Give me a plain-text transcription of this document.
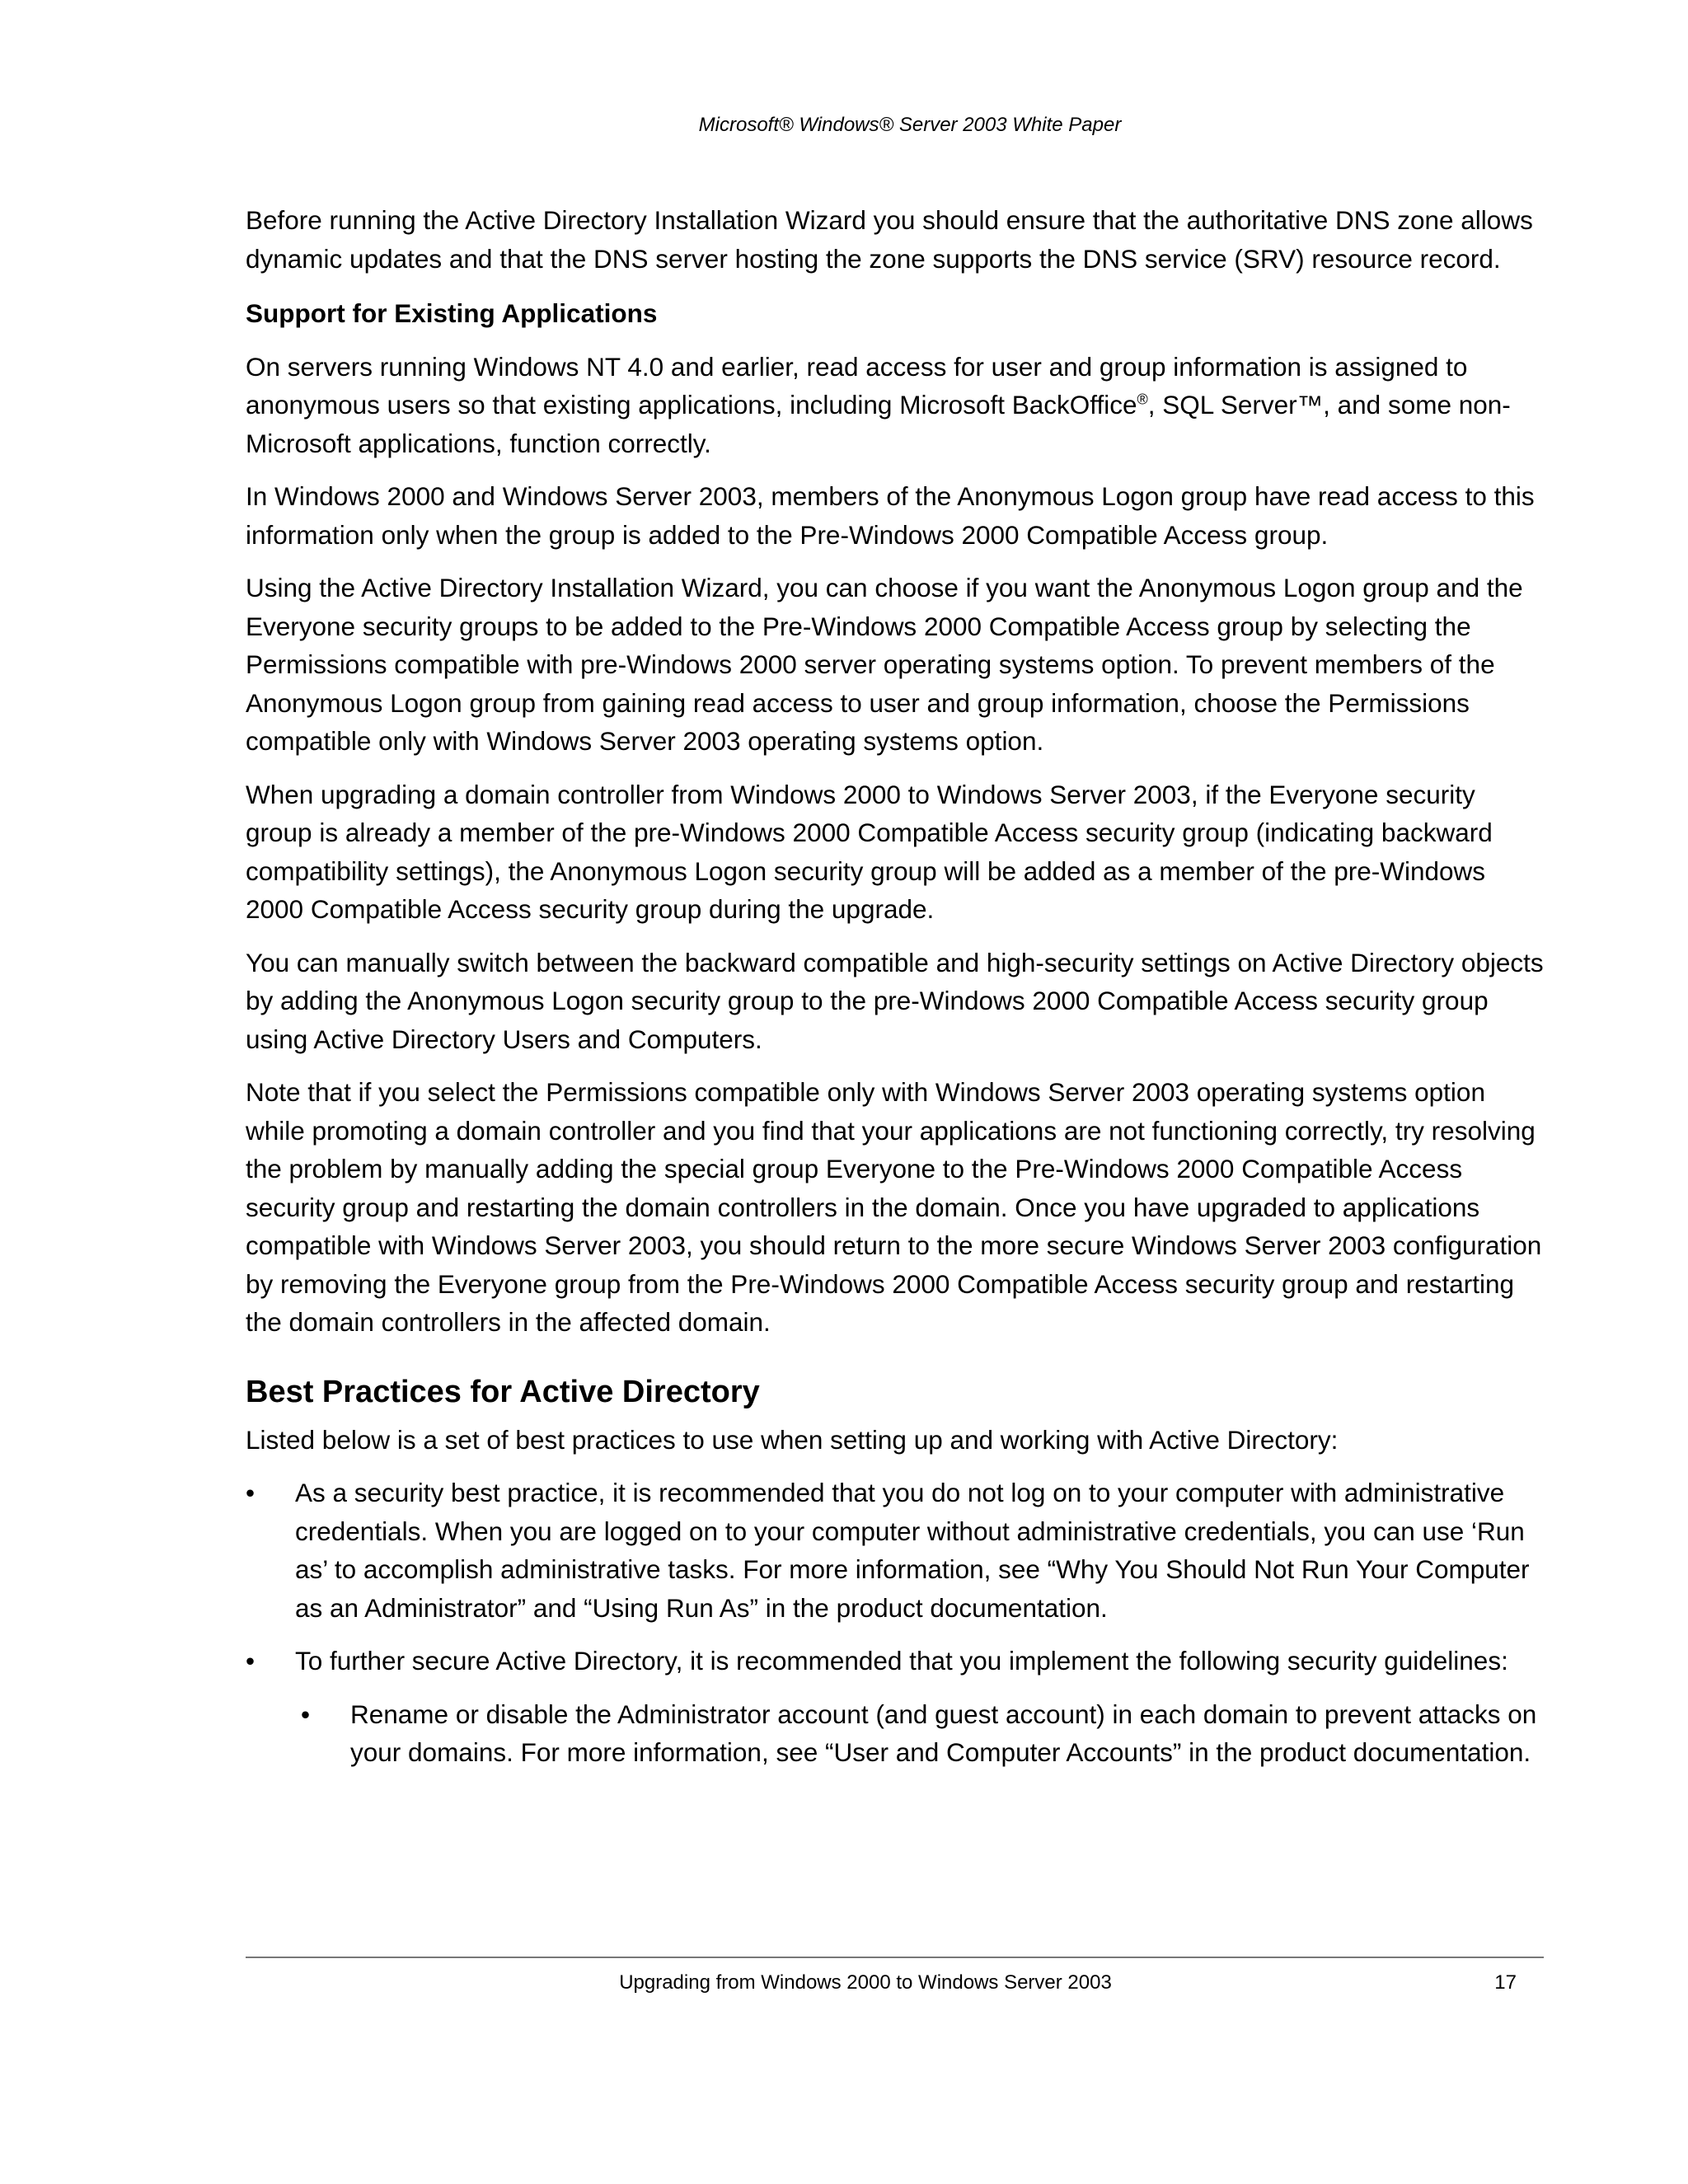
Microsoft® Windows® Server 2003 White Paper

Before running the Active Directory Installation Wizard you should ensure that the authoritative DNS zone allows dynamic updates and that the DNS server hosting the zone supports the DNS service (SRV) resource record.

Support for Existing Applications

On servers running Windows NT 4.0 and earlier, read access for user and group information is assigned to anonymous users so that existing applications, including Microsoft BackOffice®, SQL Server™, and some non-Microsoft applications, function correctly.

In Windows 2000 and Windows Server 2003, members of the Anonymous Logon group have read access to this information only when the group is added to the Pre-Windows 2000 Compatible Access group.

Using the Active Directory Installation Wizard, you can choose if you want the Anonymous Logon group and the Everyone security groups to be added to the Pre-Windows 2000 Compatible Access group by selecting the Permissions compatible with pre-Windows 2000 server operating systems option. To prevent members of the Anonymous Logon group from gaining read access to user and group information, choose the Permissions compatible only with Windows Server 2003 operating systems option.

When upgrading a domain controller from Windows 2000 to Windows Server 2003, if the Everyone security group is already a member of the pre-Windows 2000 Compatible Access security group (indicating backward compatibility settings), the Anonymous Logon security group will be added as a member of the pre-Windows 2000 Compatible Access security group during the upgrade.

You can manually switch between the backward compatible and high-security settings on Active Directory objects by adding the Anonymous Logon security group to the pre-Windows 2000 Compatible Access security group using Active Directory Users and Computers.

Note that if you select the Permissions compatible only with Windows Server 2003 operating systems option while promoting a domain controller and you find that your applications are not functioning correctly, try resolving the problem by manually adding the special group Everyone to the Pre-Windows 2000 Compatible Access security group and restarting the domain controllers in the domain. Once you have upgraded to applications compatible with Windows Server 2003, you should return to the more secure Windows Server 2003 configuration by removing the Everyone group from the Pre-Windows 2000 Compatible Access security group and restarting the domain controllers in the affected domain.

Best Practices for Active Directory

Listed below is a set of best practices to use when setting up and working with Active Directory:

•	As a security best practice, it is recommended that you do not log on to your computer with administrative credentials. When you are logged on to your computer without administrative credentials, you can use ‘Run as’ to accomplish administrative tasks. For more information, see “Why You Should Not Run Your Computer as an Administrator” and “Using Run As” in the product documentation.
•	To further secure Active Directory, it is recommended that you implement the following security guidelines:
•	Rename or disable the Administrator account (and guest account) in each domain to prevent attacks on your domains. For more information, see “User and Computer Accounts” in the product documentation.
Upgrading from Windows 2000 to Windows Server 2003	17
